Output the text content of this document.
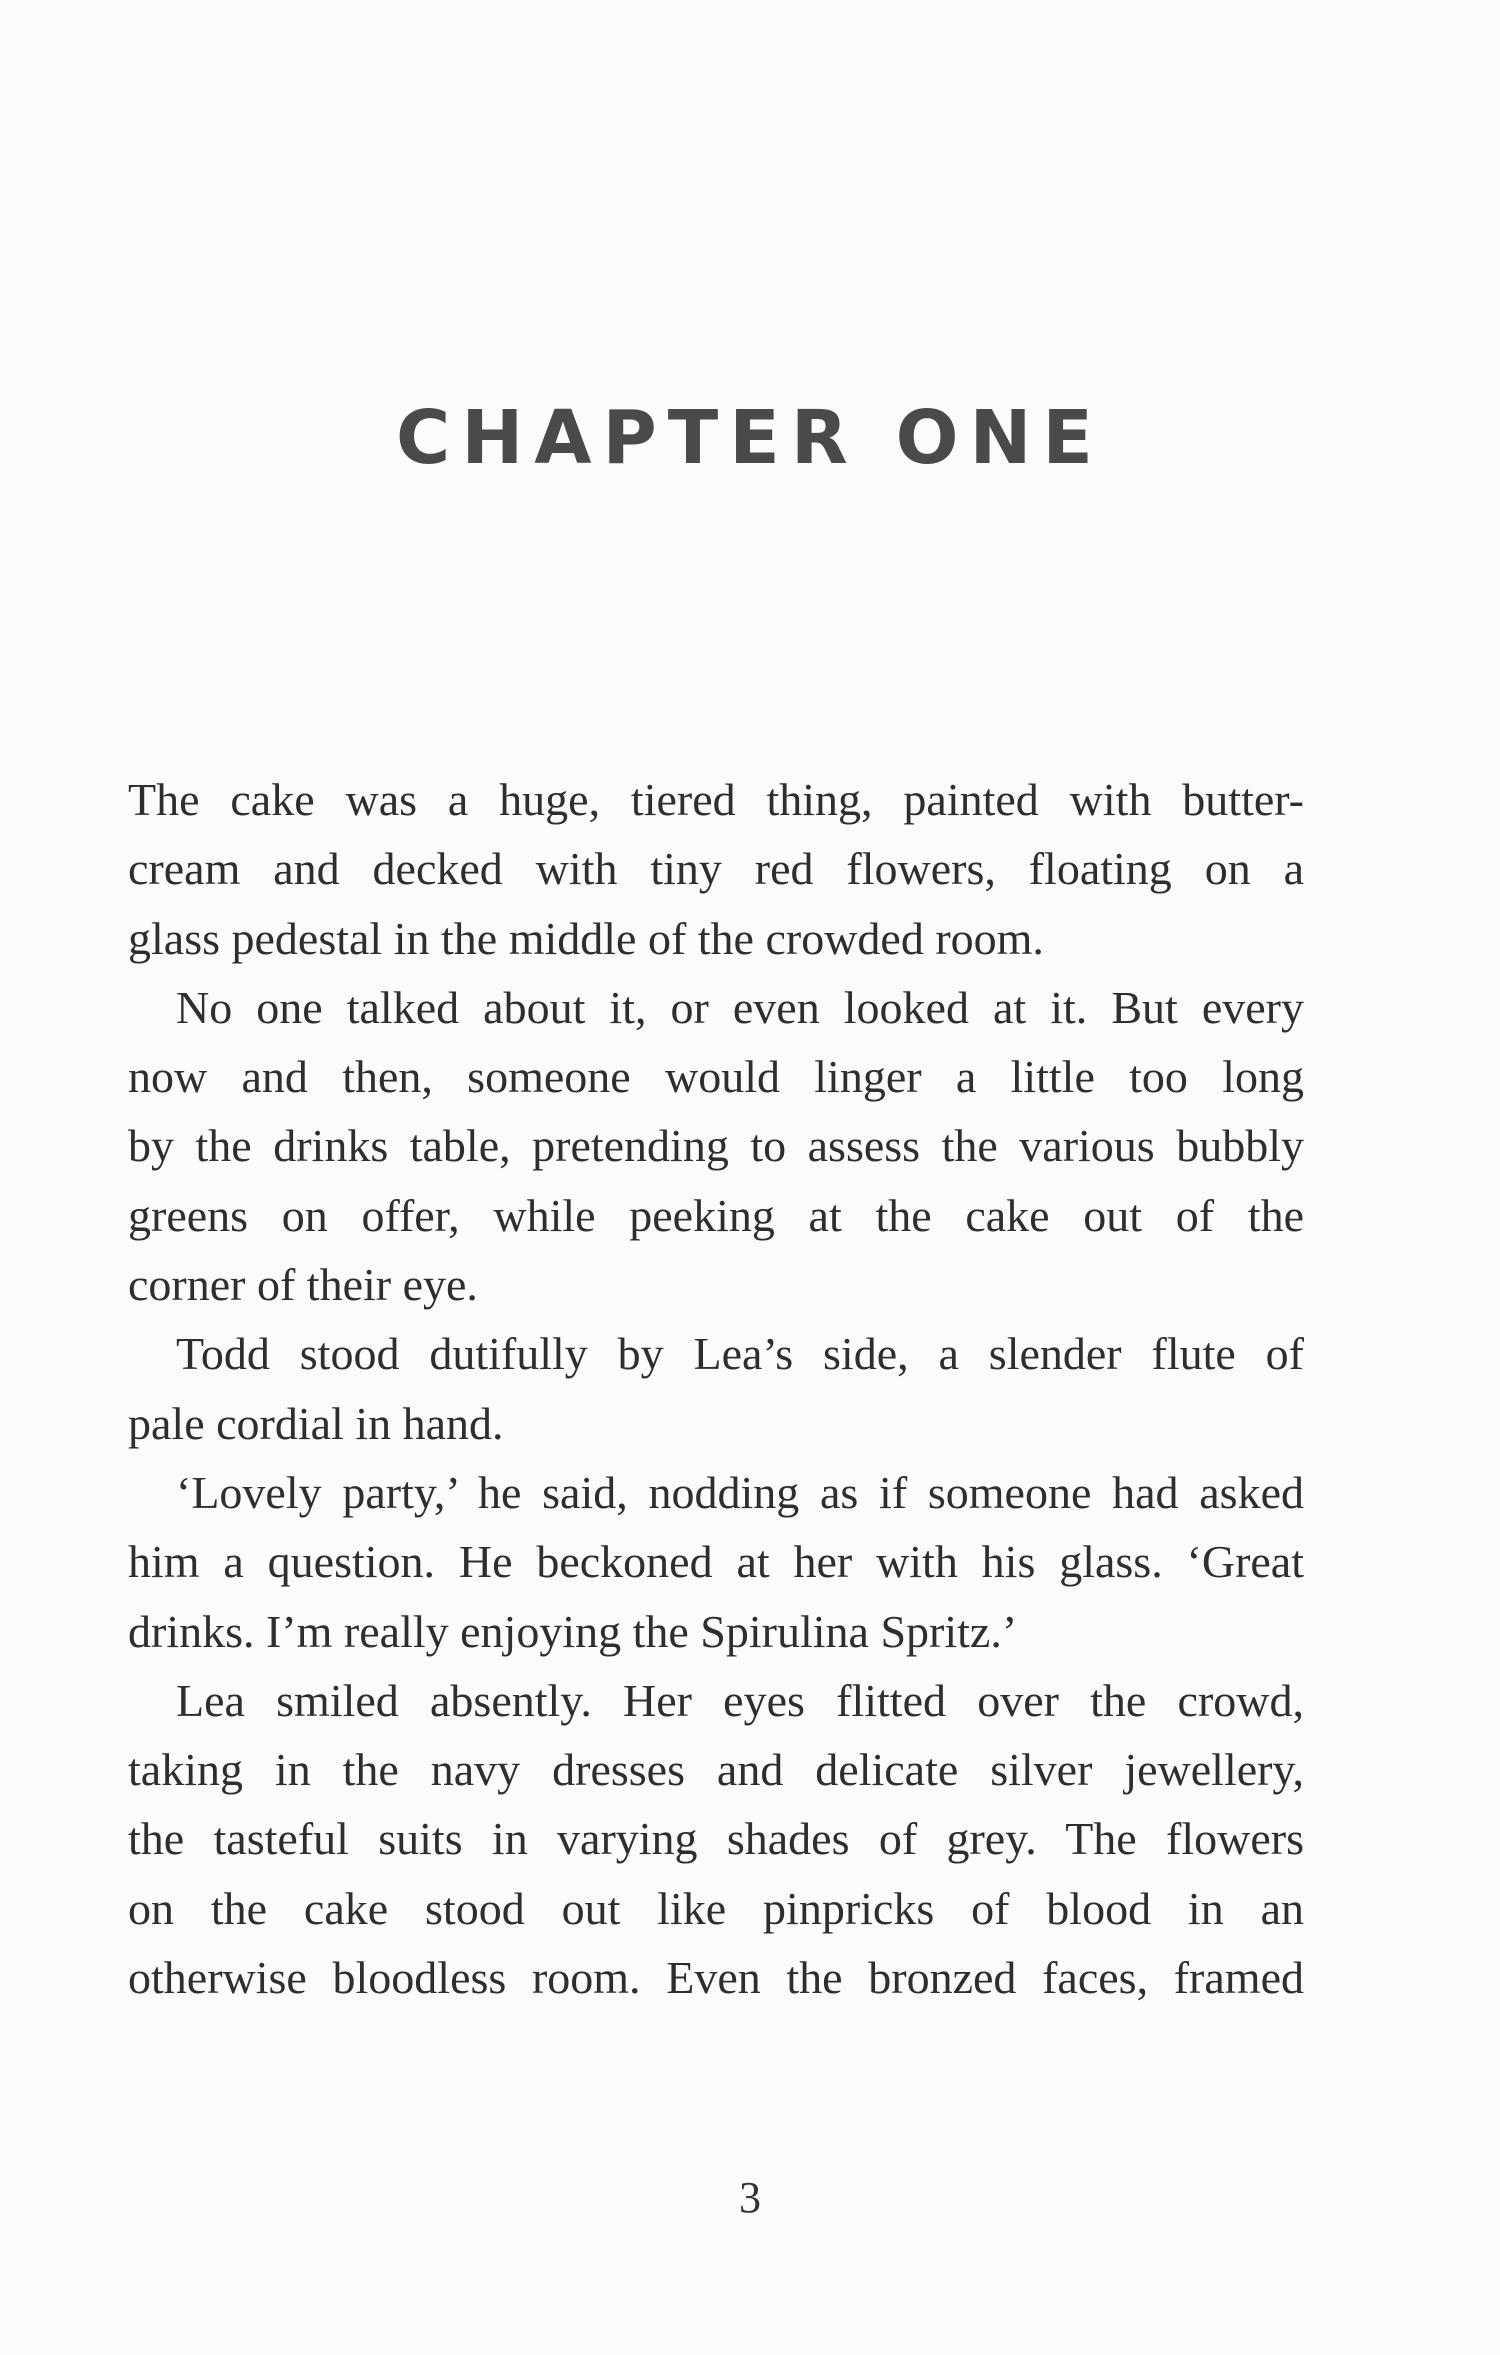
CHAPTER ONE
The cake was a huge, tiered thing, painted with butter-
cream and decked with tiny red flowers, floating on a
glass pedestal in the middle of the crowded room.
No one talked about it, or even looked at it. But every
now and then, someone would linger a little too long
by the drinks table, pretending to assess the various bubbly
greens on offer, while peeking at the cake out of the
corner of their eye.
Todd stood dutifully by Lea’s side, a slender flute of
pale cordial in hand.
‘Lovely party,’ he said, nodding as if someone had asked
him a question. He beckoned at her with his glass. ‘Great
drinks. I’m really enjoying the Spirulina Spritz.’
Lea smiled absently. Her eyes flitted over the crowd,
taking in the navy dresses and delicate silver jewellery,
the tasteful suits in varying shades of grey. The flowers
on the cake stood out like pinpricks of blood in an
otherwise bloodless room. Even the bronzed faces, framed
3
